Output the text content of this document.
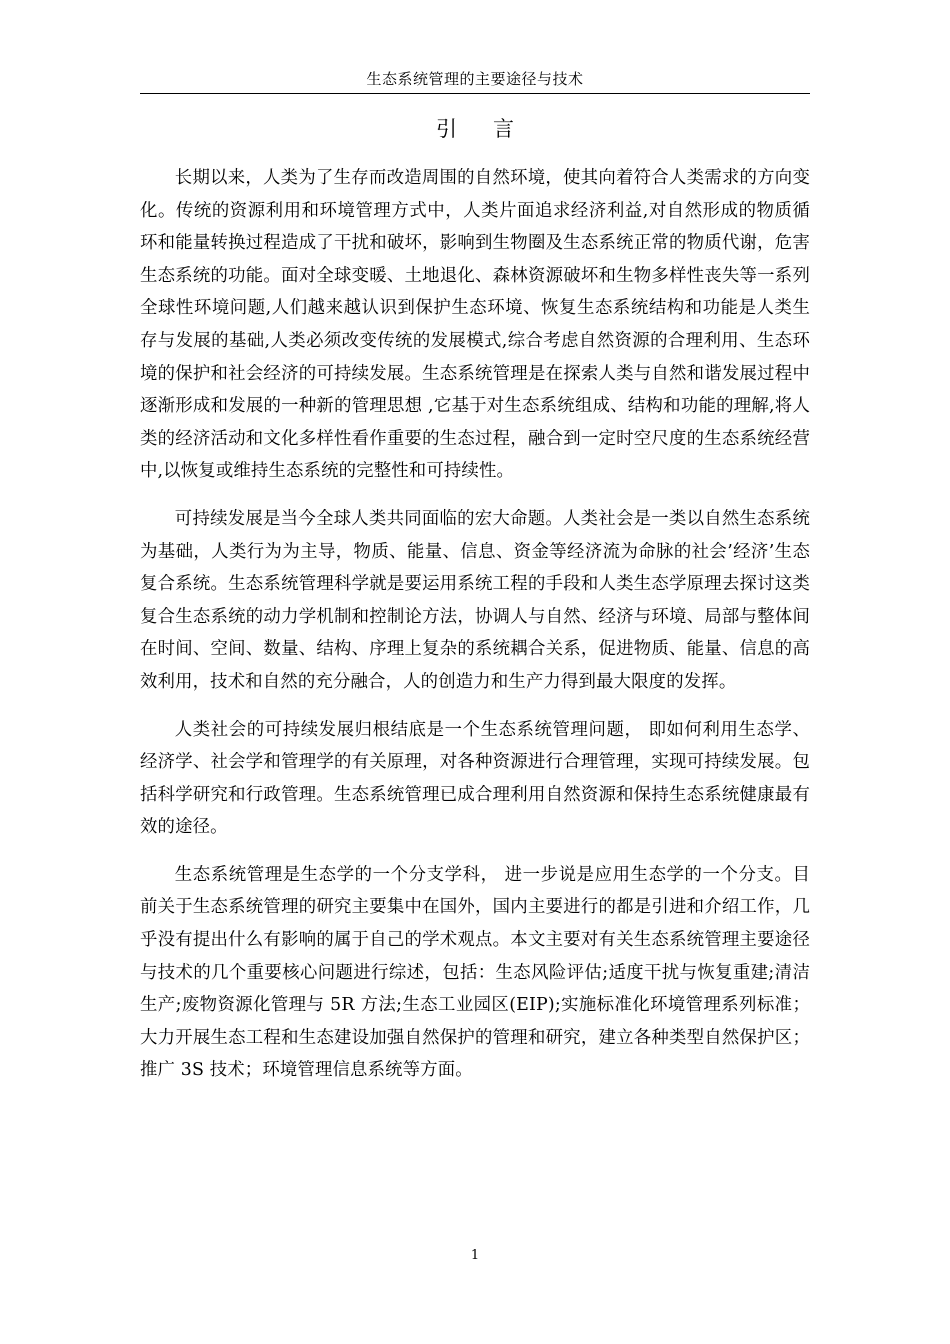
生态系统管理的主要途径与技术
引言

长期以来，人类为了生存而改造周围的自然环境，使其向着符合人类需求的方向变化。传统的资源利用和环境管理方式中，人类片面追求经济利益,对自然形成的物质循环和能量转换过程造成了干扰和破坏，影响到生物圈及生态系统正常的物质代谢，危害生态系统的功能。面对全球变暖、土地退化、森林资源破坏和生物多样性丧失等一系列全球性环境问题,人们越来越认识到保护生态环境、恢复生态系统结构和功能是人类生存与发展的基础,人类必须改变传统的发展模式,综合考虑自然资源的合理利用、生态环境的保护和社会经济的可持续发展。生态系统管理是在探索人类与自然和谐发展过程中逐渐形成和发展的一种新的管理思想 ,它基于对生态系统组成、结构和功能的理解,将人类的经济活动和文化多样性看作重要的生态过程，融合到一定时空尺度的生态系统经营中,以恢复或维持生态系统的完整性和可持续性。

可持续发展是当今全球人类共同面临的宏大命题。人类社会是一类以自然生态系统为基础，人类行为为主导，物质、能量、信息、资金等经济流为命脉的社会’经济’生态复合系统。生态系统管理科学就是要运用系统工程的手段和人类生态学原理去探讨这类复合生态系统的动力学机制和控制论方法，协调人与自然、经济与环境、局部与整体间在时间、空间、数量、结构、序理上复杂的系统耦合关系，促进物质、能量、信息的高效利用，技术和自然的充分融合，人的创造力和生产力得到最大限度的发挥。

人类社会的可持续发展归根结底是一个生态系统管理问题， 即如何利用生态学、经济学、社会学和管理学的有关原理，对各种资源进行合理管理，实现可持续发展。包括科学研究和行政管理。生态系统管理已成合理利用自然资源和保持生态系统健康最有效的途径。

生态系统管理是生态学的一个分支学科， 进一步说是应用生态学的一个分支。目前关于生态系统管理的研究主要集中在国外，国内主要进行的都是引进和介绍工作，几乎没有提出什么有影响的属于自己的学术观点。本文主要对有关生态系统管理主要途径与技术的几个重要核心问题进行综述，包括：生态风险评估;适度干扰与恢复重建;清洁生产;废物资源化管理与 5R 方法;生态工业园区(EIP);实施标准化环境管理系列标准；大力开展生态工程和生态建设加强自然保护的管理和研究，建立各种类型自然保护区；推广 3S 技术；环境管理信息系统等方面。

1
